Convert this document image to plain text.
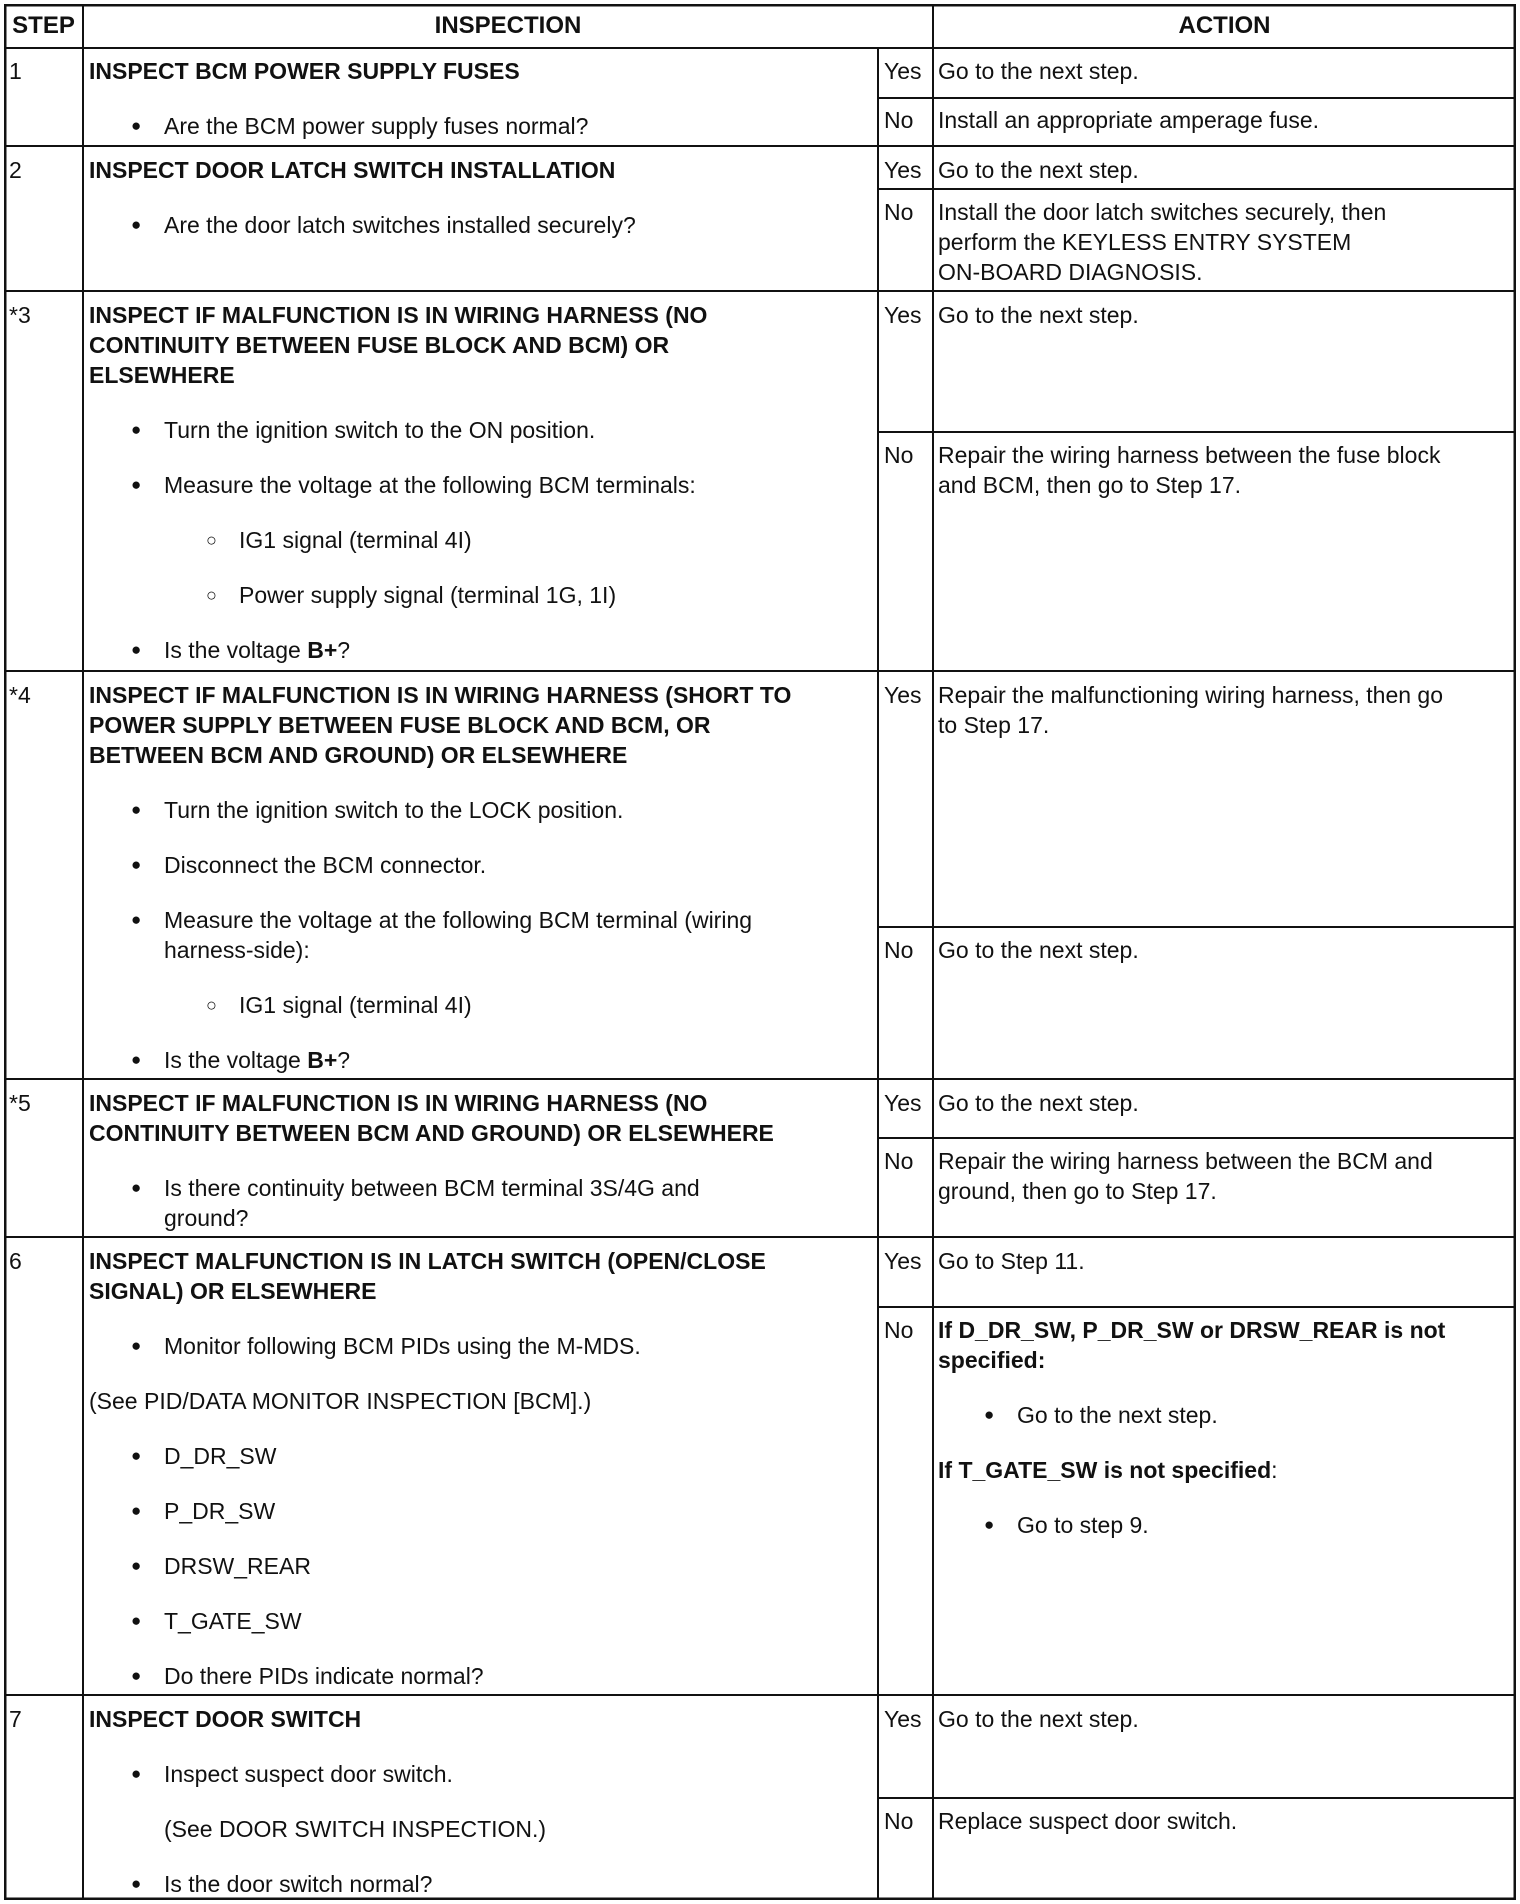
STEP	INSPECTION	ACTION
1	INSPECT BCM POWER SUPPLY FUSES
● Are the BCM power supply fuses normal?
Yes Go to the next step.
No Install an appropriate amperage fuse.
2	INSPECT DOOR LATCH SWITCH INSTALLATION
● Are the door latch switches installed securely?
Yes Go to the next step.
No Install the door latch switches securely, then
perform the KEYLESS ENTRY SYSTEM
ON-BOARD DIAGNOSIS.
*3	INSPECT IF MALFUNCTION IS IN WIRING HARNESS (NO
CONTINUITY BETWEEN FUSE BLOCK AND BCM) OR
ELSEWHERE
● Turn the ignition switch to the ON position.
● Measure the voltage at the following BCM terminals:
○ IG1 signal (terminal 4I)
○ Power supply signal (terminal 1G, 1I)
● Is the voltage B+?
Yes Go to the next step.
No Repair the wiring harness between the fuse block
and BCM, then go to Step 17.
*4	INSPECT IF MALFUNCTION IS IN WIRING HARNESS (SHORT TO
POWER SUPPLY BETWEEN FUSE BLOCK AND BCM, OR
BETWEEN BCM AND GROUND) OR ELSEWHERE
● Turn the ignition switch to the LOCK position.
● Disconnect the BCM connector.
● Measure the voltage at the following BCM terminal (wiring
harness-side):
○ IG1 signal (terminal 4I)
● Is the voltage B+?
Yes Repair the malfunctioning wiring harness, then go
to Step 17.
No Go to the next step.
*5	INSPECT IF MALFUNCTION IS IN WIRING HARNESS (NO
CONTINUITY BETWEEN BCM AND GROUND) OR ELSEWHERE
● Is there continuity between BCM terminal 3S/4G and
ground?
Yes Go to the next step.
No Repair the wiring harness between the BCM and
ground, then go to Step 17.
6	INSPECT MALFUNCTION IS IN LATCH SWITCH (OPEN/CLOSE
SIGNAL) OR ELSEWHERE
● Monitor following BCM PIDs using the M-MDS.
(See PID/DATA MONITOR INSPECTION [BCM].)
● D_DR_SW
● P_DR_SW
● DRSW_REAR
● T_GATE_SW
● Do there PIDs indicate normal?
Yes Go to Step 11.
No If D_DR_SW, P_DR_SW or DRSW_REAR is not
specified:
● Go to the next step.
If T_GATE_SW is not specified:
● Go to step 9.
7	INSPECT DOOR SWITCH
● Inspect suspect door switch.
(See DOOR SWITCH INSPECTION.)
● Is the door switch normal?
Yes Go to the next step.
No Replace suspect door switch.
